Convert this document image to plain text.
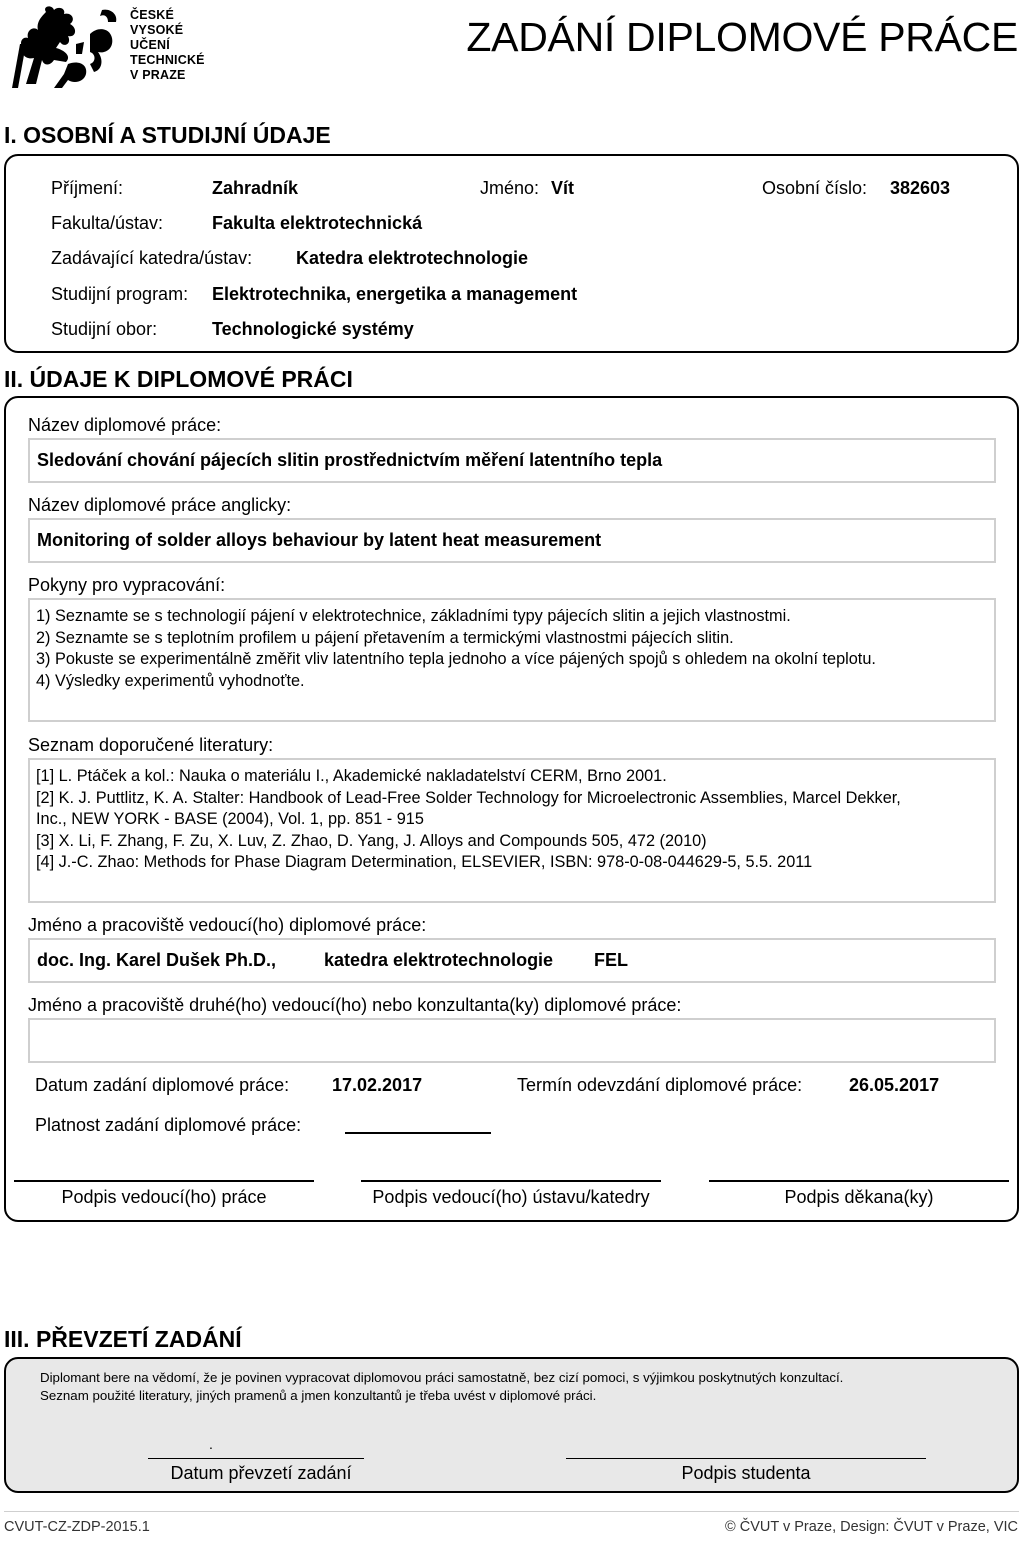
ČESKÉ
VYSOKÉ
UČENÍ
TECHNICKÉ
V PRAZE
ZADÁNÍ DIPLOMOVÉ PRÁCE
I. OSOBNÍ A STUDIJNÍ ÚDAJE
Příjmení:	Zahradník	Jméno: Vít	Osobní číslo: 382603
Fakulta/ústav:	Fakulta elektrotechnická
Zadávající katedra/ústav: Katedra elektrotechnologie
Studijní program: Elektrotechnika, energetika a management
Studijní obor:	Technologické systémy
II. ÚDAJE K DIPLOMOVÉ PRÁCI
Název diplomové práce:
Sledování chování pájecích slitin prostřednictvím měření latentního tepla
Název diplomové práce anglicky:
Monitoring of solder alloys behaviour by latent heat measurement
Pokyny pro vypracování:
1) Seznamte se s technologií pájení v elektrotechnice, základními typy pájecích slitin a jejich vlastnostmi.
2) Seznamte se s teplotním profilem u pájení přetavením a termickými vlastnostmi pájecích slitin.
3) Pokuste se experimentálně změřit vliv latentního tepla jednoho a více pájených spojů s ohledem na okolní teplotu.
4) Výsledky experimentů vyhodnoťte.
Seznam doporučené literatury:
[1] L. Ptáček a kol.: Nauka o materiálu I., Akademické nakladatelství CERM, Brno 2001.
[2] K. J. Puttlitz, K. A. Stalter: Handbook of Lead-Free Solder Technology for Microelectronic Assemblies, Marcel Dekker,
Inc., NEW YORK - BASE (2004), Vol. 1, pp. 851 - 915
[3] X. Li, F. Zhang, F. Zu, X. Luv, Z. Zhao, D. Yang, J. Alloys and Compounds 505, 472 (2010)
[4] J.-C. Zhao: Methods for Phase Diagram Determination, ELSEVIER, ISBN: 978-0-08-044629-5, 5.5. 2011
Jméno a pracoviště vedoucí(ho) diplomové práce:
doc. Ing. Karel Dušek Ph.D.,	katedra elektrotechnologie FEL
Jméno a pracoviště druhé(ho) vedoucí(ho) nebo konzultanta(ky) diplomové práce:
Datum zadání diplomové práce: 17.02.2017	Termín odevzdání diplomové práce:	26.05.2017
Platnost zadání diplomové práce:
Podpis vedoucí(ho) práce	Podpis vedoucí(ho) ústavu/katedry	Podpis děkana(ky)
III. PŘEVZETÍ ZADÁNÍ
Diplomant bere na vědomí, že je povinen vypracovat diplomovou práci samostatně, bez cizí pomoci, s výjimkou poskytnutých konzultací.
Seznam použité literatury, jiných pramenů a jmen konzultantů je třeba uvést v diplomové práci.
.
Datum převzetí zadání	Podpis studenta
CVUT-CZ-ZDP-2015.1	© ČVUT v Praze, Design: ČVUT v Praze, VIC
